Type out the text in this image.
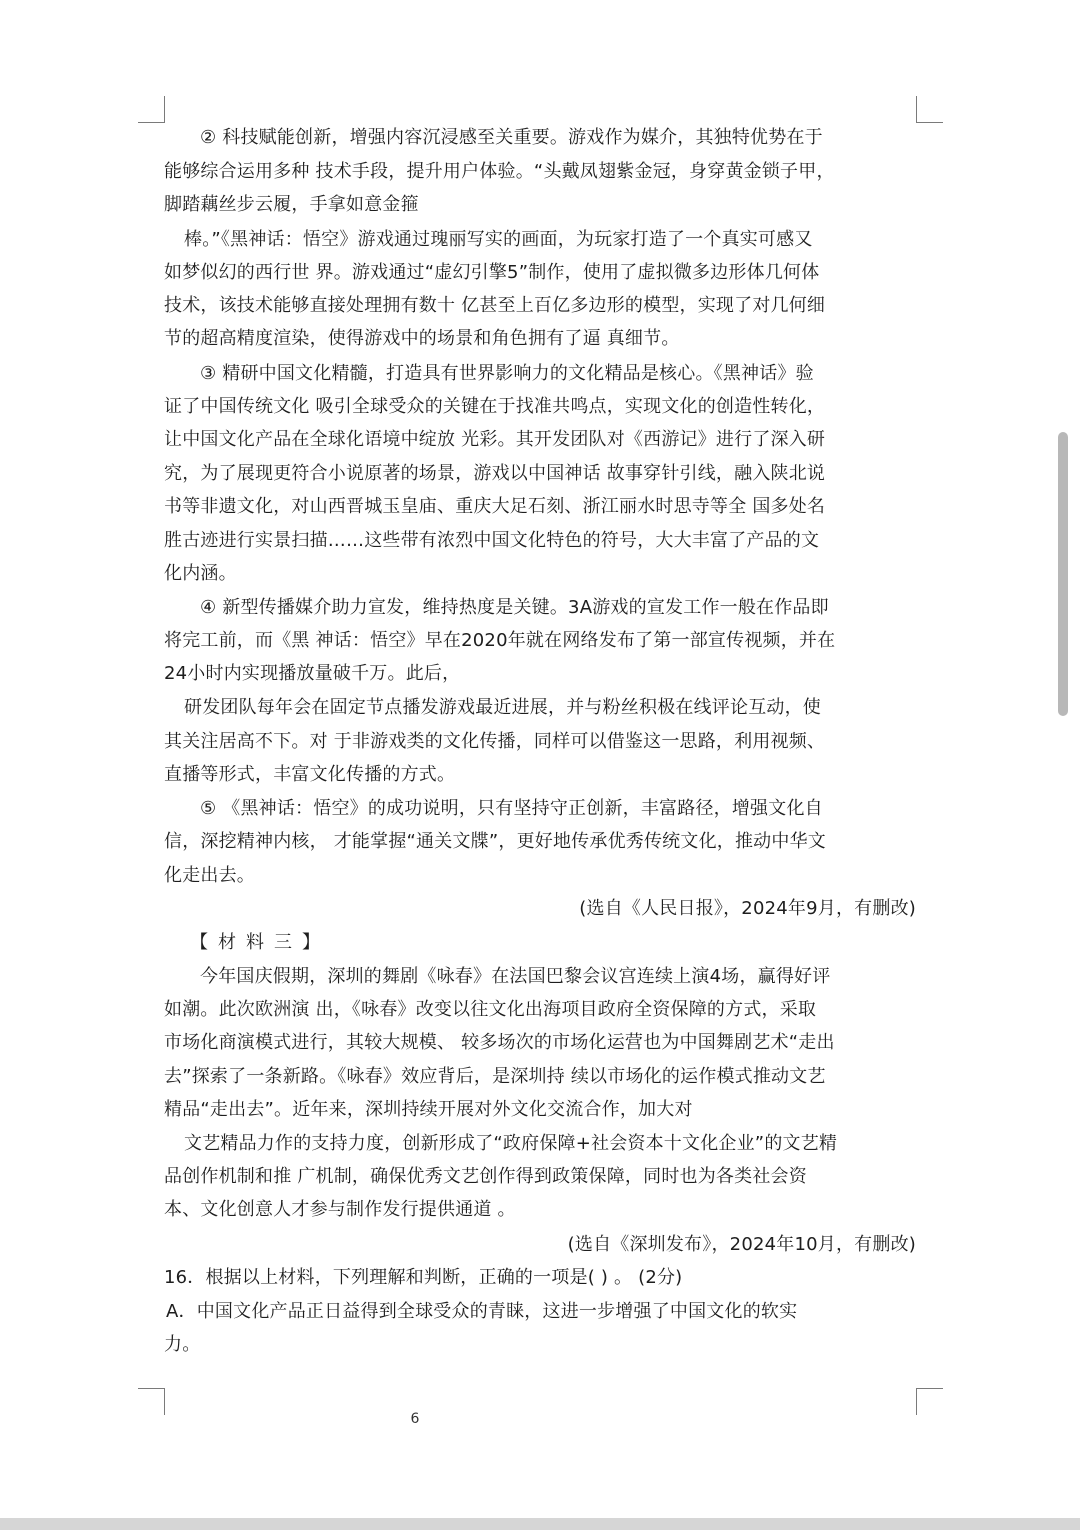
② 科技赋能创新，增强内容沉浸感至关重要。游戏作为媒介，其独特优势在于

能够综合运用多种 技术手段，提升用户体验。“头戴凤翅紫金冠，身穿黄金锁子甲，

脚踏藕丝步云履，手拿如意金箍

棒。”《黑神话：悟空》游戏通过瑰丽写实的画面，为玩家打造了一个真实可感又

如梦似幻的西行世 界。游戏通过“虚幻引擎5”制作，使用了虚拟微多边形体几何体

技术，该技术能够直接处理拥有数十 亿甚至上百亿多边形的模型，实现了对几何细

节的超高精度渲染，使得游戏中的场景和角色拥有了逼 真细节。

③ 精研中国文化精髓，打造具有世界影响力的文化精品是核心。《黑神话》验

证了中国传统文化 吸引全球受众的关键在于找准共鸣点，实现文化的创造性转化，

让中国文化产品在全球化语境中绽放 光彩。其开发团队对《西游记》进行了深入研

究，为了展现更符合小说原著的场景，游戏以中国神话 故事穿针引线，融入陕北说

书等非遗文化，对山西晋城玉皇庙、重庆大足石刻、浙江丽水时思寺等全 国多处名

胜古迹进行实景扫描……这些带有浓烈中国文化特色的符号，大大丰富了产品的文

化内涵。

④ 新型传播媒介助力宣发，维持热度是关键。3A游戏的宣发工作一般在作品即

将完工前，而《黑 神话：悟空》早在2020年就在网络发布了第一部宣传视频，并在

24小时内实现播放量破千万。此后，

研发团队每年会在固定节点播发游戏最近进展，并与粉丝积极在线评论互动，使

其关注居高不下。对 于非游戏类的文化传播，同样可以借鉴这一思路，利用视频、

直播等形式，丰富文化传播的方式。

⑤ 《黑神话：悟空》的成功说明，只有坚持守正创新，丰富路径，增强文化自

信，深挖精神内核， 才能掌握“通关文牒”，更好地传承优秀传统文化，推动中华文

化走出去。

(选自《人民日报》，2024年9月，有删改)

【材料三】

今年国庆假期，深圳的舞剧《咏春》在法国巴黎会议宫连续上演4场，赢得好评

如潮。此次欧洲演 出，《咏春》改变以往文化出海项目政府全资保障的方式，采取

市场化商演模式进行，其较大规模、 较多场次的市场化运营也为中国舞剧艺术“走出

去”探索了一条新路。《咏春》效应背后，是深圳持 续以市场化的运作模式推动文艺

精品“走出去”。近年来，深圳持续开展对外文化交流合作，加大对

文艺精品力作的支持力度，创新形成了“政府保障+社会资本十文化企业”的文艺精

品创作机制和推 广机制，确保优秀文艺创作得到政策保障，同时也为各类社会资

本、文化创意人才参与制作发行提供通道 。

(选自《深圳发布》，2024年10月，有删改)

16．根据以上材料，下列理解和判断，正确的一项是( ) 。 (2分)

A．中国文化产品正日益得到全球受众的青睐，这进一步增强了中国文化的软实

力。

6
